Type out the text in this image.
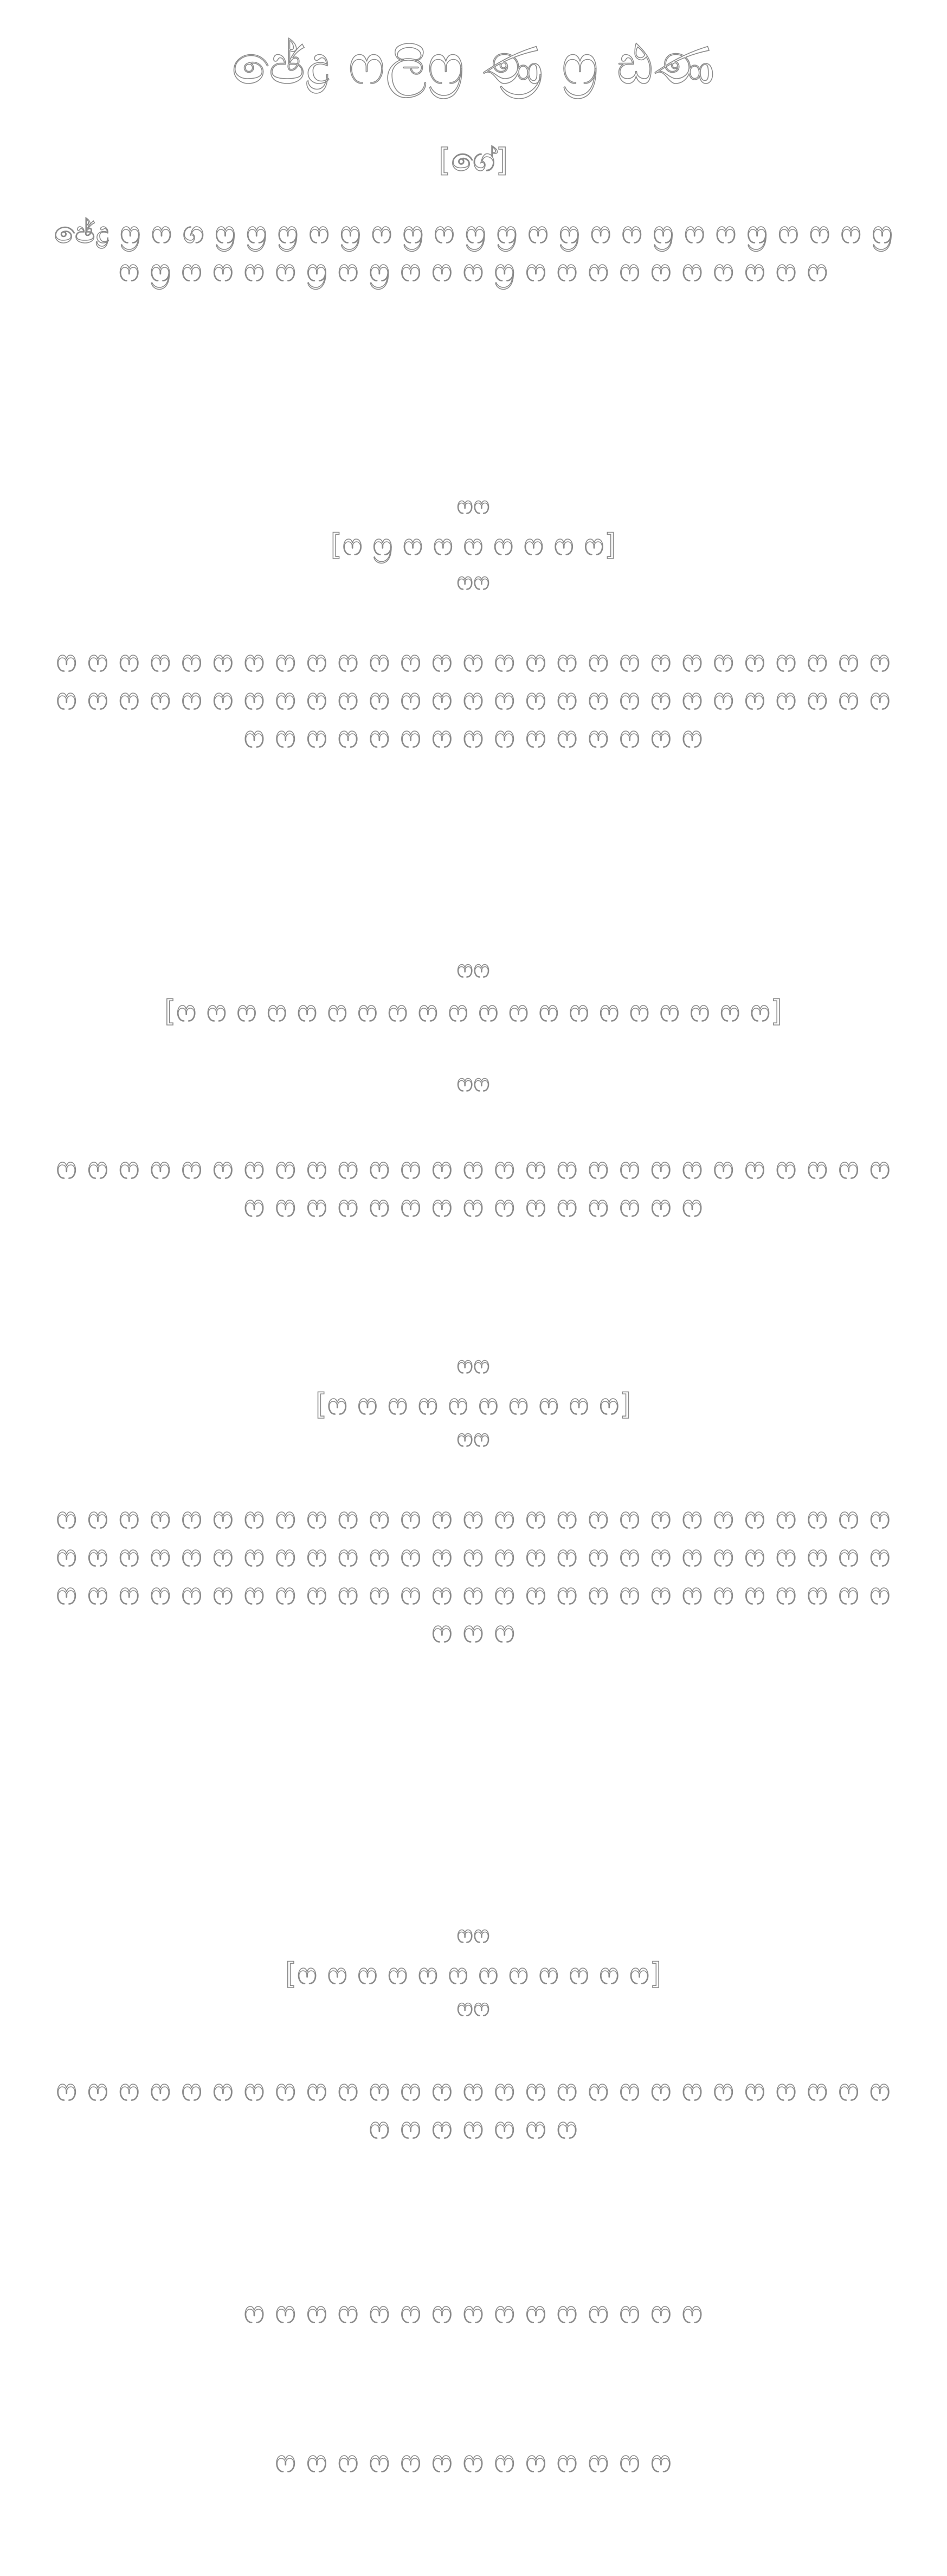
ඡේද්‍ර ෆලි‍ෆ්‍ර ණ්‍ර ෆ්‍ර ඪ‍ණ
[ගේ]
ඡේද්‍ර ෆ්‍ර ෆ ග ෆ්‍ර ෆ්‍ර ෆ්‍ර ෆ ෆ්‍ර ෆ ෆ්‍ර ෆ ෆ්‍ර ෆ්‍ර ෆ ෆ්‍ර ෆ ෆ ෆ්‍ර ෆ ෆ ෆ්‍ර ෆ ෆ ෆ ෆ්‍ර ෆ ෆ්‍ර ෆ ෆ ෆ ෆ ෆ්‍ර ෆ ෆ්‍ර ෆ ෆ ෆ ෆ්‍ර ෆ ෆ ෆ ෆ ෆ ෆ ෆ ෆ ෆ ෆ
ෆෆ
[ෆ ෆ්‍ර ෆ ෆ ෆ ෆ ෆ ෆ ෆ]
ෆෆ
ෆ ෆ ෆ ෆ ෆ ෆ ෆ ෆ ෆ ෆ ෆ ෆ ෆ ෆ ෆ ෆ ෆ ෆ ෆ ෆ ෆ ෆ ෆ ෆ ෆ ෆ ෆ ෆ ෆ ෆ ෆ ෆ ෆ ෆ ෆ ෆ ෆ ෆ ෆ ෆ ෆ ෆ ෆ ෆ ෆ ෆ ෆ ෆ ෆ ෆ ෆ ෆ ෆ ෆ ෆ ෆ ෆ ෆ ෆ ෆ ෆ ෆ ෆ ෆ ෆ ෆ ෆ ෆ ෆ
ෆෆ
[ෆ ෆ ෆ ෆ ෆ ෆ ෆ ෆ ෆ ෆ ෆ ෆ ෆ ෆ ෆ ෆ ෆ ෆ ෆ ෆ]
ෆෆ
ෆ ෆ ෆ ෆ ෆ ෆ ෆ ෆ ෆ ෆ ෆ ෆ ෆ ෆ ෆ ෆ ෆ ෆ ෆ ෆ ෆ ෆ ෆ ෆ ෆ ෆ ෆ ෆ ෆ ෆ ෆ ෆ ෆ ෆ ෆ ෆ ෆ ෆ ෆ ෆ ෆ ෆ
ෆෆ
[ෆ ෆ ෆ ෆ ෆ ෆ ෆ ෆ ෆ ෆ]
ෆෆ
ෆ ෆ ෆ ෆ ෆ ෆ ෆ ෆ ෆ ෆ ෆ ෆ ෆ ෆ ෆ ෆ ෆ ෆ ෆ ෆ ෆ ෆ ෆ ෆ ෆ ෆ ෆ ෆ ෆ ෆ ෆ ෆ ෆ ෆ ෆ ෆ ෆ ෆ ෆ ෆ ෆ ෆ ෆ ෆ ෆ ෆ ෆ ෆ ෆ ෆ ෆ ෆ ෆ ෆ ෆ ෆ ෆ ෆ ෆ ෆ ෆ ෆ ෆ ෆ ෆ ෆ ෆ ෆ ෆ ෆ ෆ ෆ ෆ ෆ ෆ ෆ ෆ ෆ ෆ ෆ ෆ ෆ ෆ ෆ
ෆෆ
[ෆ ෆ ෆ ෆ ෆ ෆ ෆ ෆ ෆ ෆ ෆ ෆ]
ෆෆ
ෆ ෆ ෆ ෆ ෆ ෆ ෆ ෆ ෆ ෆ ෆ ෆ ෆ ෆ ෆ ෆ ෆ ෆ ෆ ෆ ෆ ෆ ෆ ෆ ෆ ෆ ෆ ෆ ෆ ෆ ෆ ෆ ෆ ෆ
ෆ ෆ ෆ ෆ ෆ ෆ ෆ ෆ ෆ ෆ ෆ ෆ ෆ ෆ ෆ
ෆ ෆ ෆ ෆ ෆ ෆ ෆ ෆ ෆ ෆ ෆ ෆ ෆ
